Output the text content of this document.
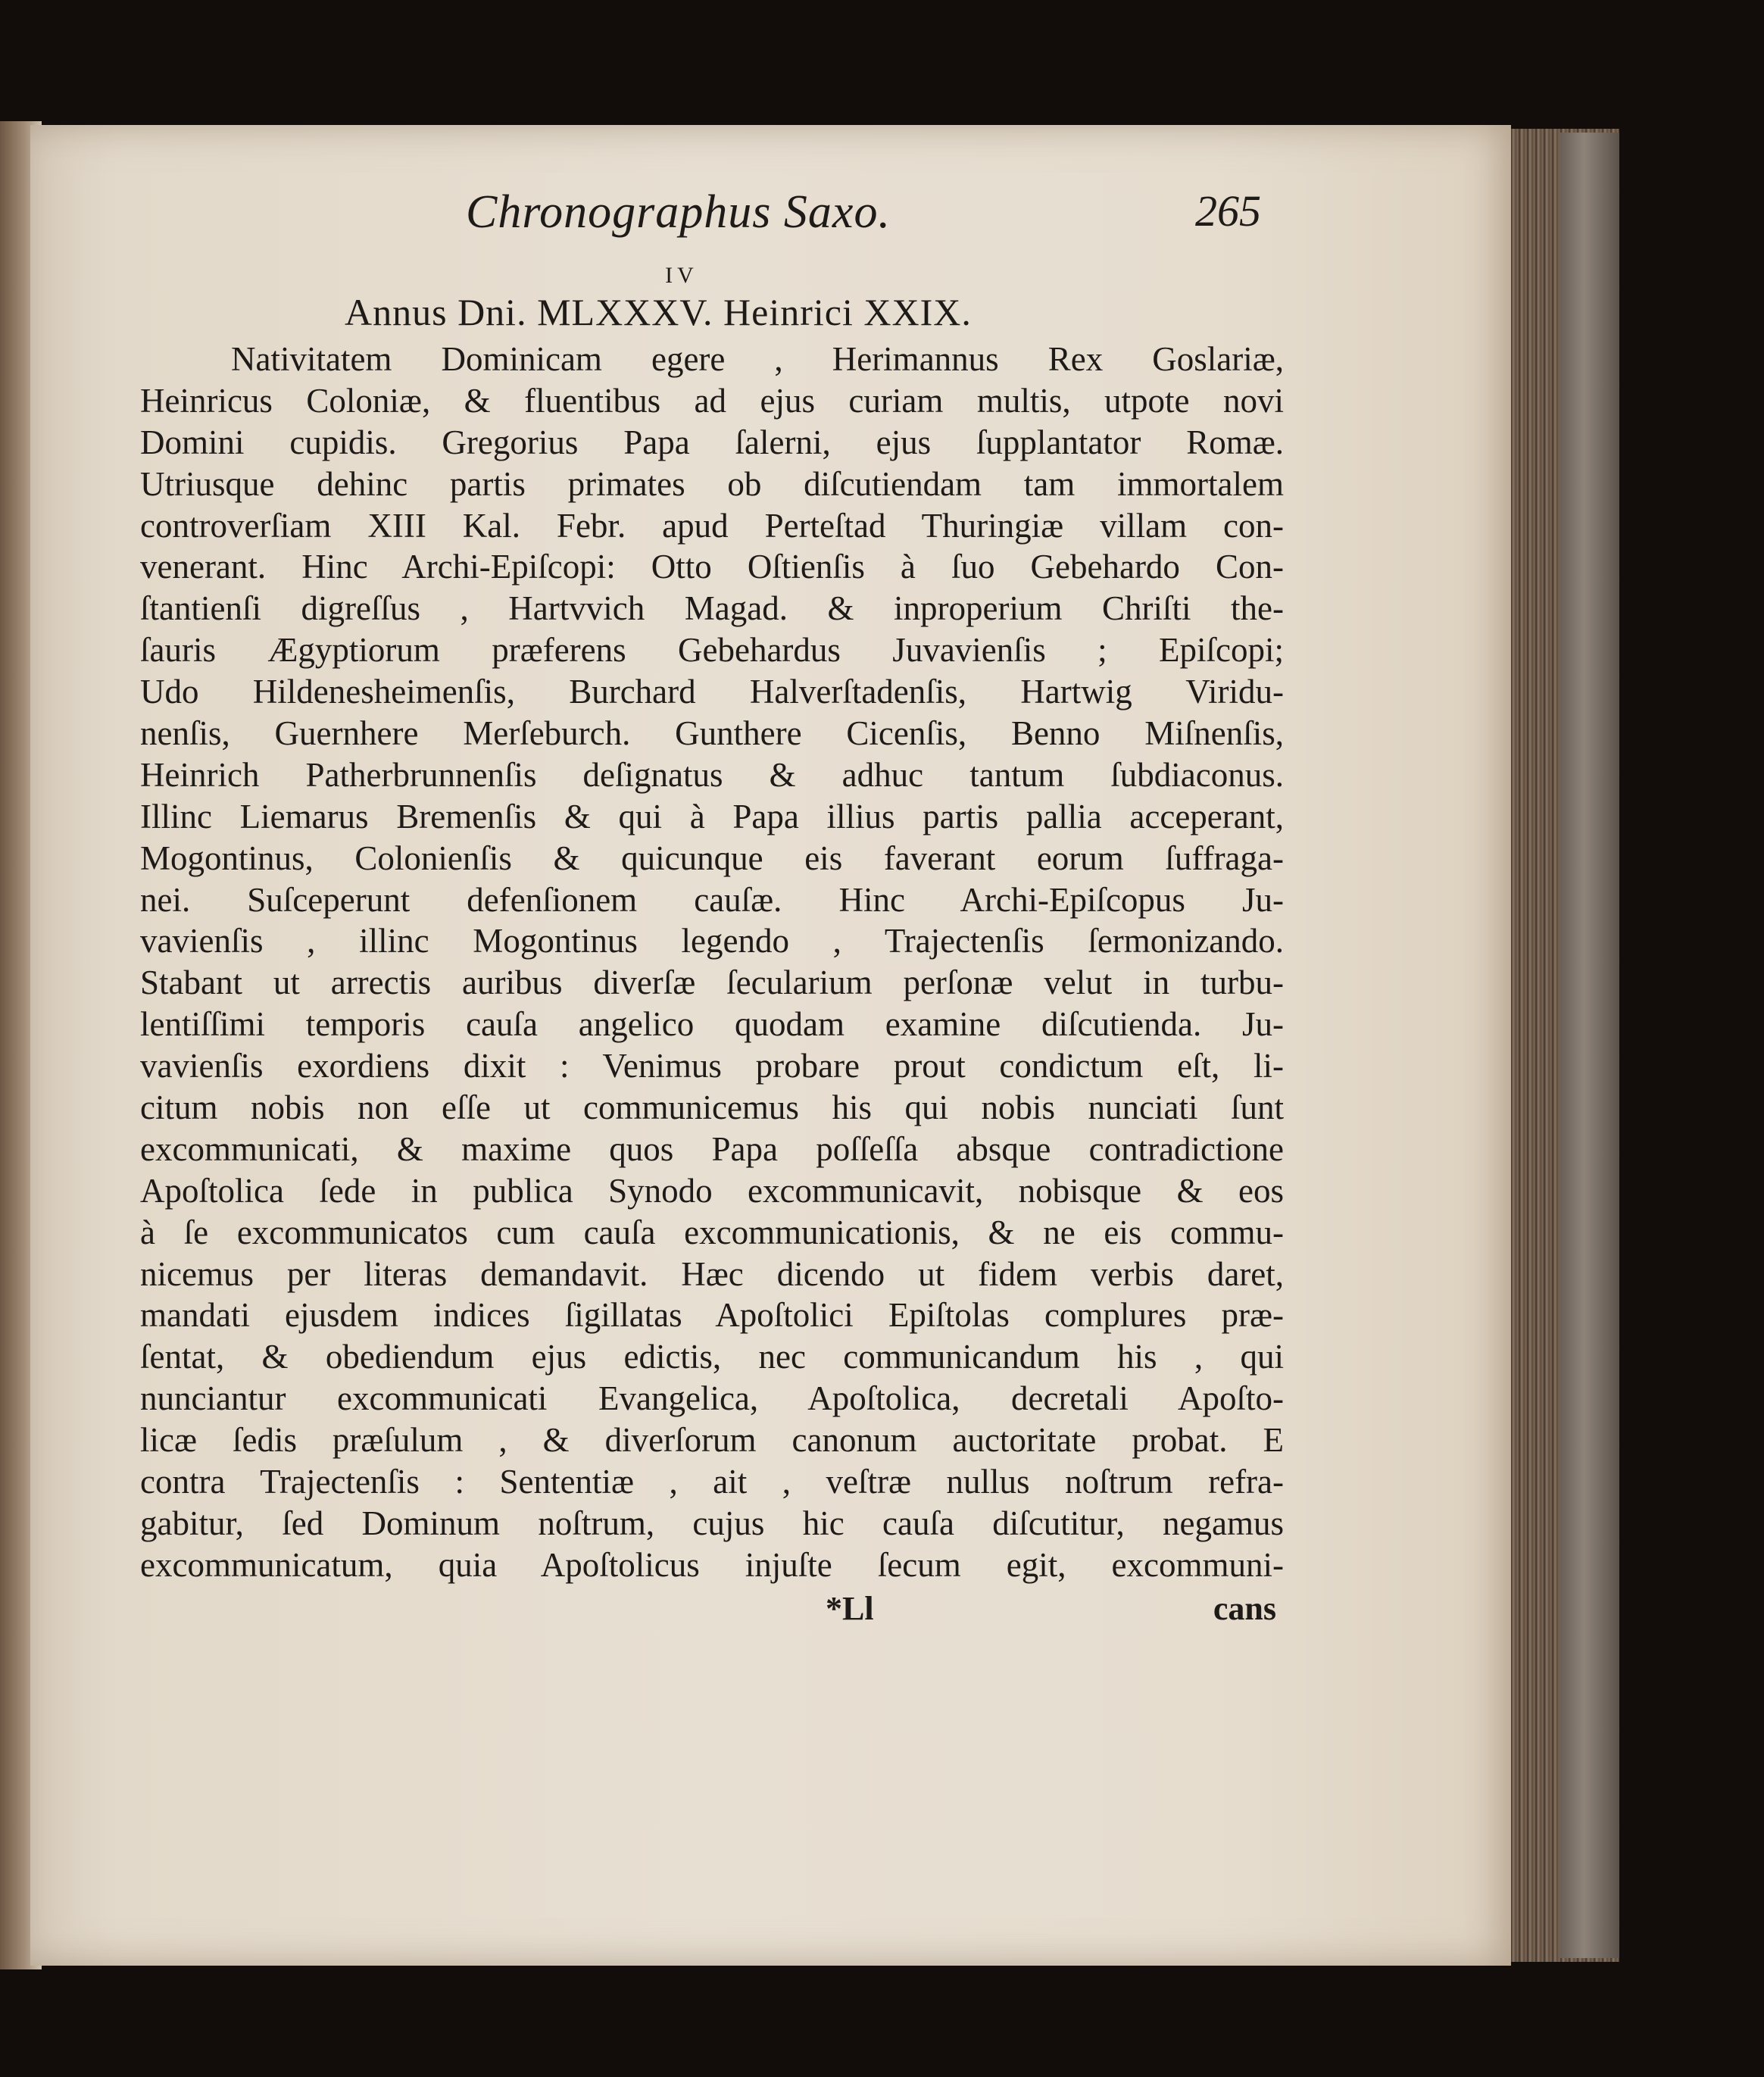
Chronographus Saxo.	265
IV
Annus Dni. MLXXXV. Heinrici XXIX.
Nativitatem Dominicam egere , Herimannus Rex Goslariæ,
Heinricus Coloniæ, & fluentibus ad ejus curiam multis, utpote novi
Domini cupidis. Gregorius Papa ſalerni, ejus ſupplantator Romæ.
Utriusque dehinc partis primates ob diſcutiendam tam immortalem
controverſiam XIII Kal. Febr. apud Perteſtad Thuringiæ villam con-
venerant. Hinc Archi-Epiſcopi: Otto Oſtienſis à ſuo Gebehardo Con-
ſtantienſi digreſſus , Hartvvich Magad. & inproperium Chriſti the-
ſauris Ægyptiorum præferens Gebehardus Juvavienſis ; Epiſcopi;
Udo Hildenesheimenſis, Burchard Halverſtadenſis, Hartwig Viridu-
nenſis, Guernhere Merſeburch. Gunthere Cicenſis, Benno Miſnenſis,
Heinrich Patherbrunnenſis deſignatus & adhuc tantum ſubdiaconus.
Illinc Liemarus Bremenſis & qui à Papa illius partis pallia acceperant,
Mogontinus, Colonienſis & quicunque eis faverant eorum ſuffraga-
nei. Suſceperunt defenſionem cauſæ. Hinc Archi-Epiſcopus Ju-
vavienſis , illinc Mogontinus legendo , Trajectenſis ſermonizando.
Stabant ut arrectis auribus diverſæ ſecularium perſonæ velut in turbu-
lentiſſimi temporis cauſa angelico quodam examine diſcutienda. Ju-
vavienſis exordiens dixit : Venimus probare prout condictum eſt, li-
citum nobis non eſſe ut communicemus his qui nobis nunciati ſunt
excommunicati, & maxime quos Papa poſſeſſa absque contradictione
Apoſtolica ſede in publica Synodo excommunicavit, nobisque & eos
à ſe excommunicatos cum cauſa excommunicationis, & ne eis commu-
nicemus per literas demandavit. Hæc dicendo ut fidem verbis daret,
mandati ejusdem indices ſigillatas Apoſtolici Epiſtolas complures præ-
ſentat, & obediendum ejus edictis, nec communicandum his , qui
nunciantur excommunicati Evangelica, Apoſtolica, decretali Apoſto-
licæ ſedis præſulum , & diverſorum canonum auctoritate probat. E
contra Trajectenſis : Sententiæ , ait , veſtræ nullus noſtrum refra-
gabitur, ſed Dominum noſtrum, cujus hic cauſa diſcutitur, negamus
excommunicatum, quia Apoſtolicus injuſte ſecum egit, excommuni-
*Ll	cans
